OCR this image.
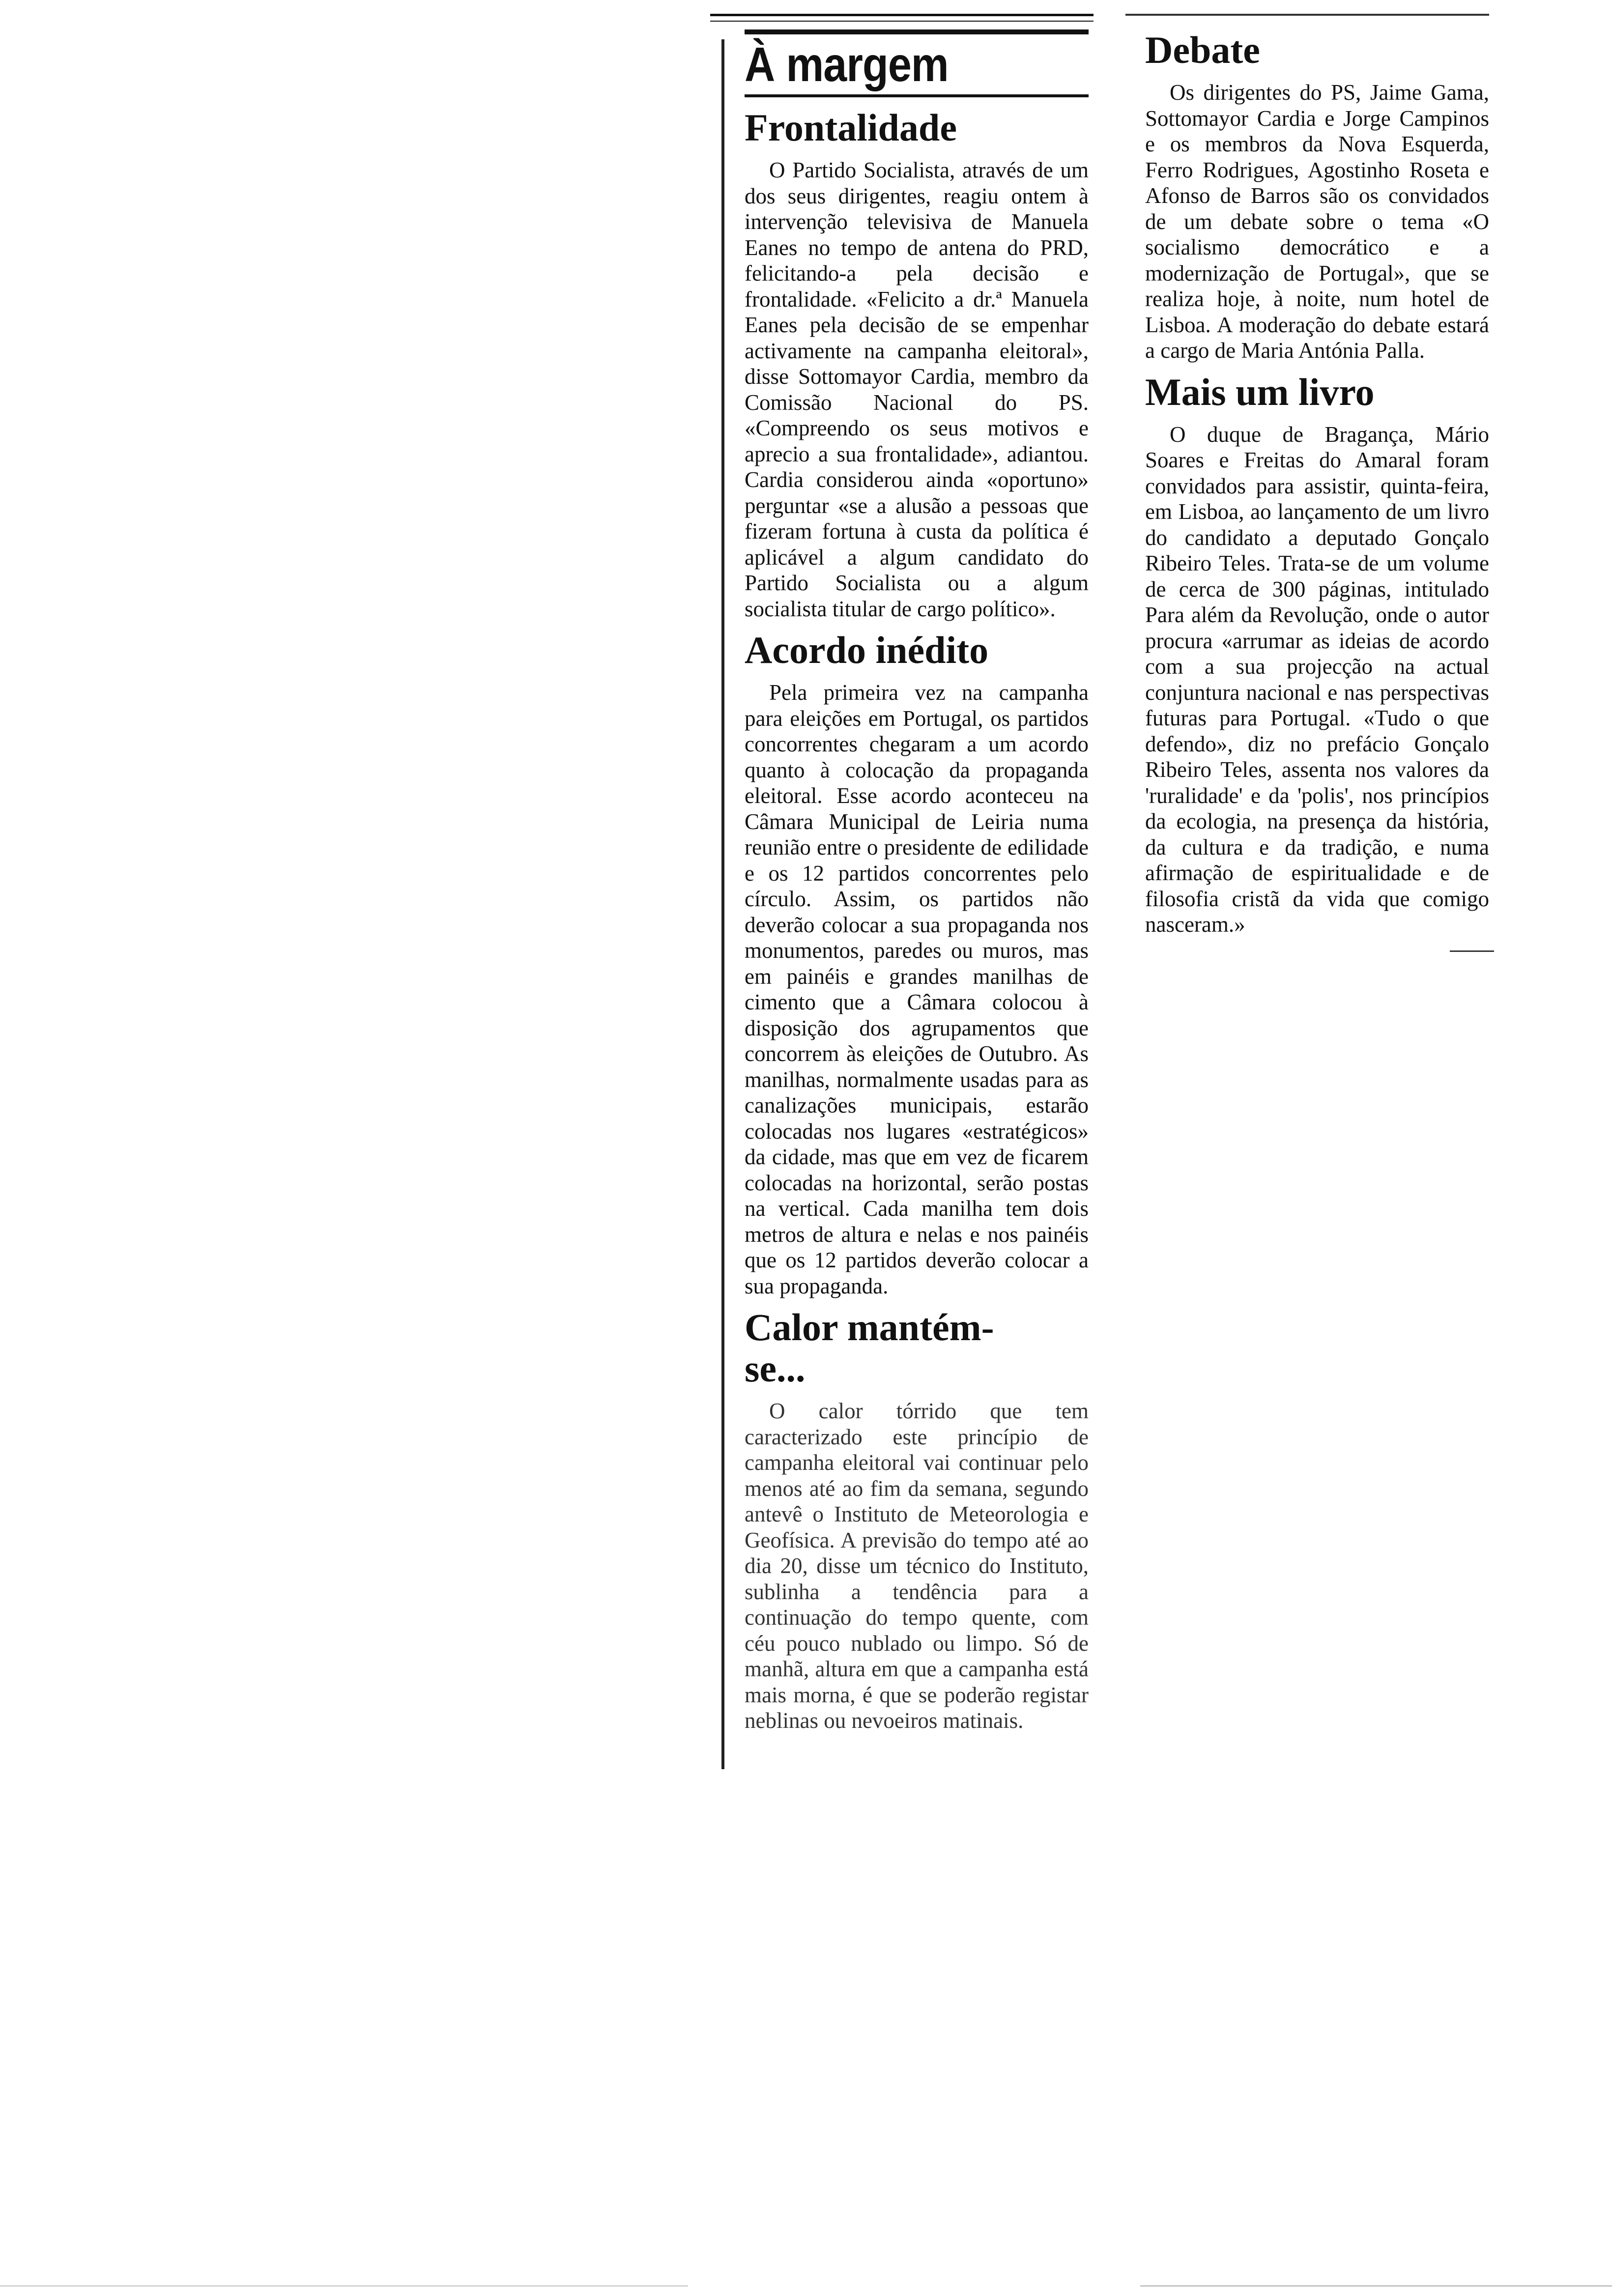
À margem
Frontalidade

O Partido Socialista, através de um dos seus dirigentes, reagiu ontem à intervenção televisiva de Manuela Eanes no tempo de antena do PRD, felicitando-a pela decisão e frontalidade. «Felicito a dr.ª Manuela Eanes pela decisão de se empenhar activamente na campanha eleitoral», disse Sottomayor Cardia, membro da Comissão Nacional do PS. «Compreendo os seus motivos e aprecio a sua frontalidade», adiantou. Cardia considerou ainda «oportuno» perguntar «se a alusão a pessoas que fizeram fortuna à custa da política é aplicável a algum candidato do Partido Socialista ou a algum socialista titular de cargo político».

Acordo inédito

Pela primeira vez na campanha para eleições em Portugal, os partidos concorrentes chegaram a um acordo quanto à colocação da propaganda eleitoral. Esse acordo aconteceu na Câmara Municipal de Leiria numa reunião entre o presidente de edilidade e os 12 partidos concorrentes pelo círculo. Assim, os partidos não deverão colocar a sua propaganda nos monumentos, paredes ou muros, mas em painéis e grandes manilhas de cimento que a Câmara colocou à disposição dos agrupamentos que concorrem às eleições de Outubro. As manilhas, normalmente usadas para as canalizações municipais, estarão colocadas nos lugares «estratégicos» da cidade, mas que em vez de ficarem colocadas na horizontal, serão postas na vertical. Cada manilha tem dois metros de altura e nelas e nos painéis que os 12 partidos deverão colocar a sua propaganda.

Calor mantém-se...

O calor tórrido que tem caracterizado este princípio de campanha eleitoral vai continuar pelo menos até ao fim da semana, segundo antevê o Instituto de Meteorologia e Geofísica. A previsão do tempo até ao dia 20, disse um técnico do Instituto, sublinha a tendência para a continuação do tempo quente, com céu pouco nublado ou limpo. Só de manhã, altura em que a campanha está mais morna, é que se poderão registar neblinas ou nevoeiros matinais.

Debate

Os dirigentes do PS, Jaime Gama, Sottomayor Cardia e Jorge Campinos e os membros da Nova Esquerda, Ferro Rodrigues, Agostinho Roseta e Afonso de Barros são os convidados de um debate sobre o tema «O socialismo democrático e a modernização de Portugal», que se realiza hoje, à noite, num hotel de Lisboa. A moderação do debate estará a cargo de Maria Antónia Palla.

Mais um livro

O duque de Bragança, Mário Soares e Freitas do Amaral foram convidados para assistir, quinta-feira, em Lisboa, ao lançamento de um livro do candidato a deputado Gonçalo Ribeiro Teles. Trata-se de um volume de cerca de 300 páginas, intitulado Para além da Revolução, onde o autor procura «arrumar as ideias de acordo com a sua projecção na actual conjuntura nacional e nas perspectivas futuras para Portugal. «Tudo o que defendo», diz no prefácio Gonçalo Ribeiro Teles, assenta nos valores da 'ruralidade' e da 'polis', nos princípios da ecologia, na presença da história, da cultura e da tradição, e numa afirmação de espiritualidade e de filosofia cristã da vida que comigo nasceram.»
